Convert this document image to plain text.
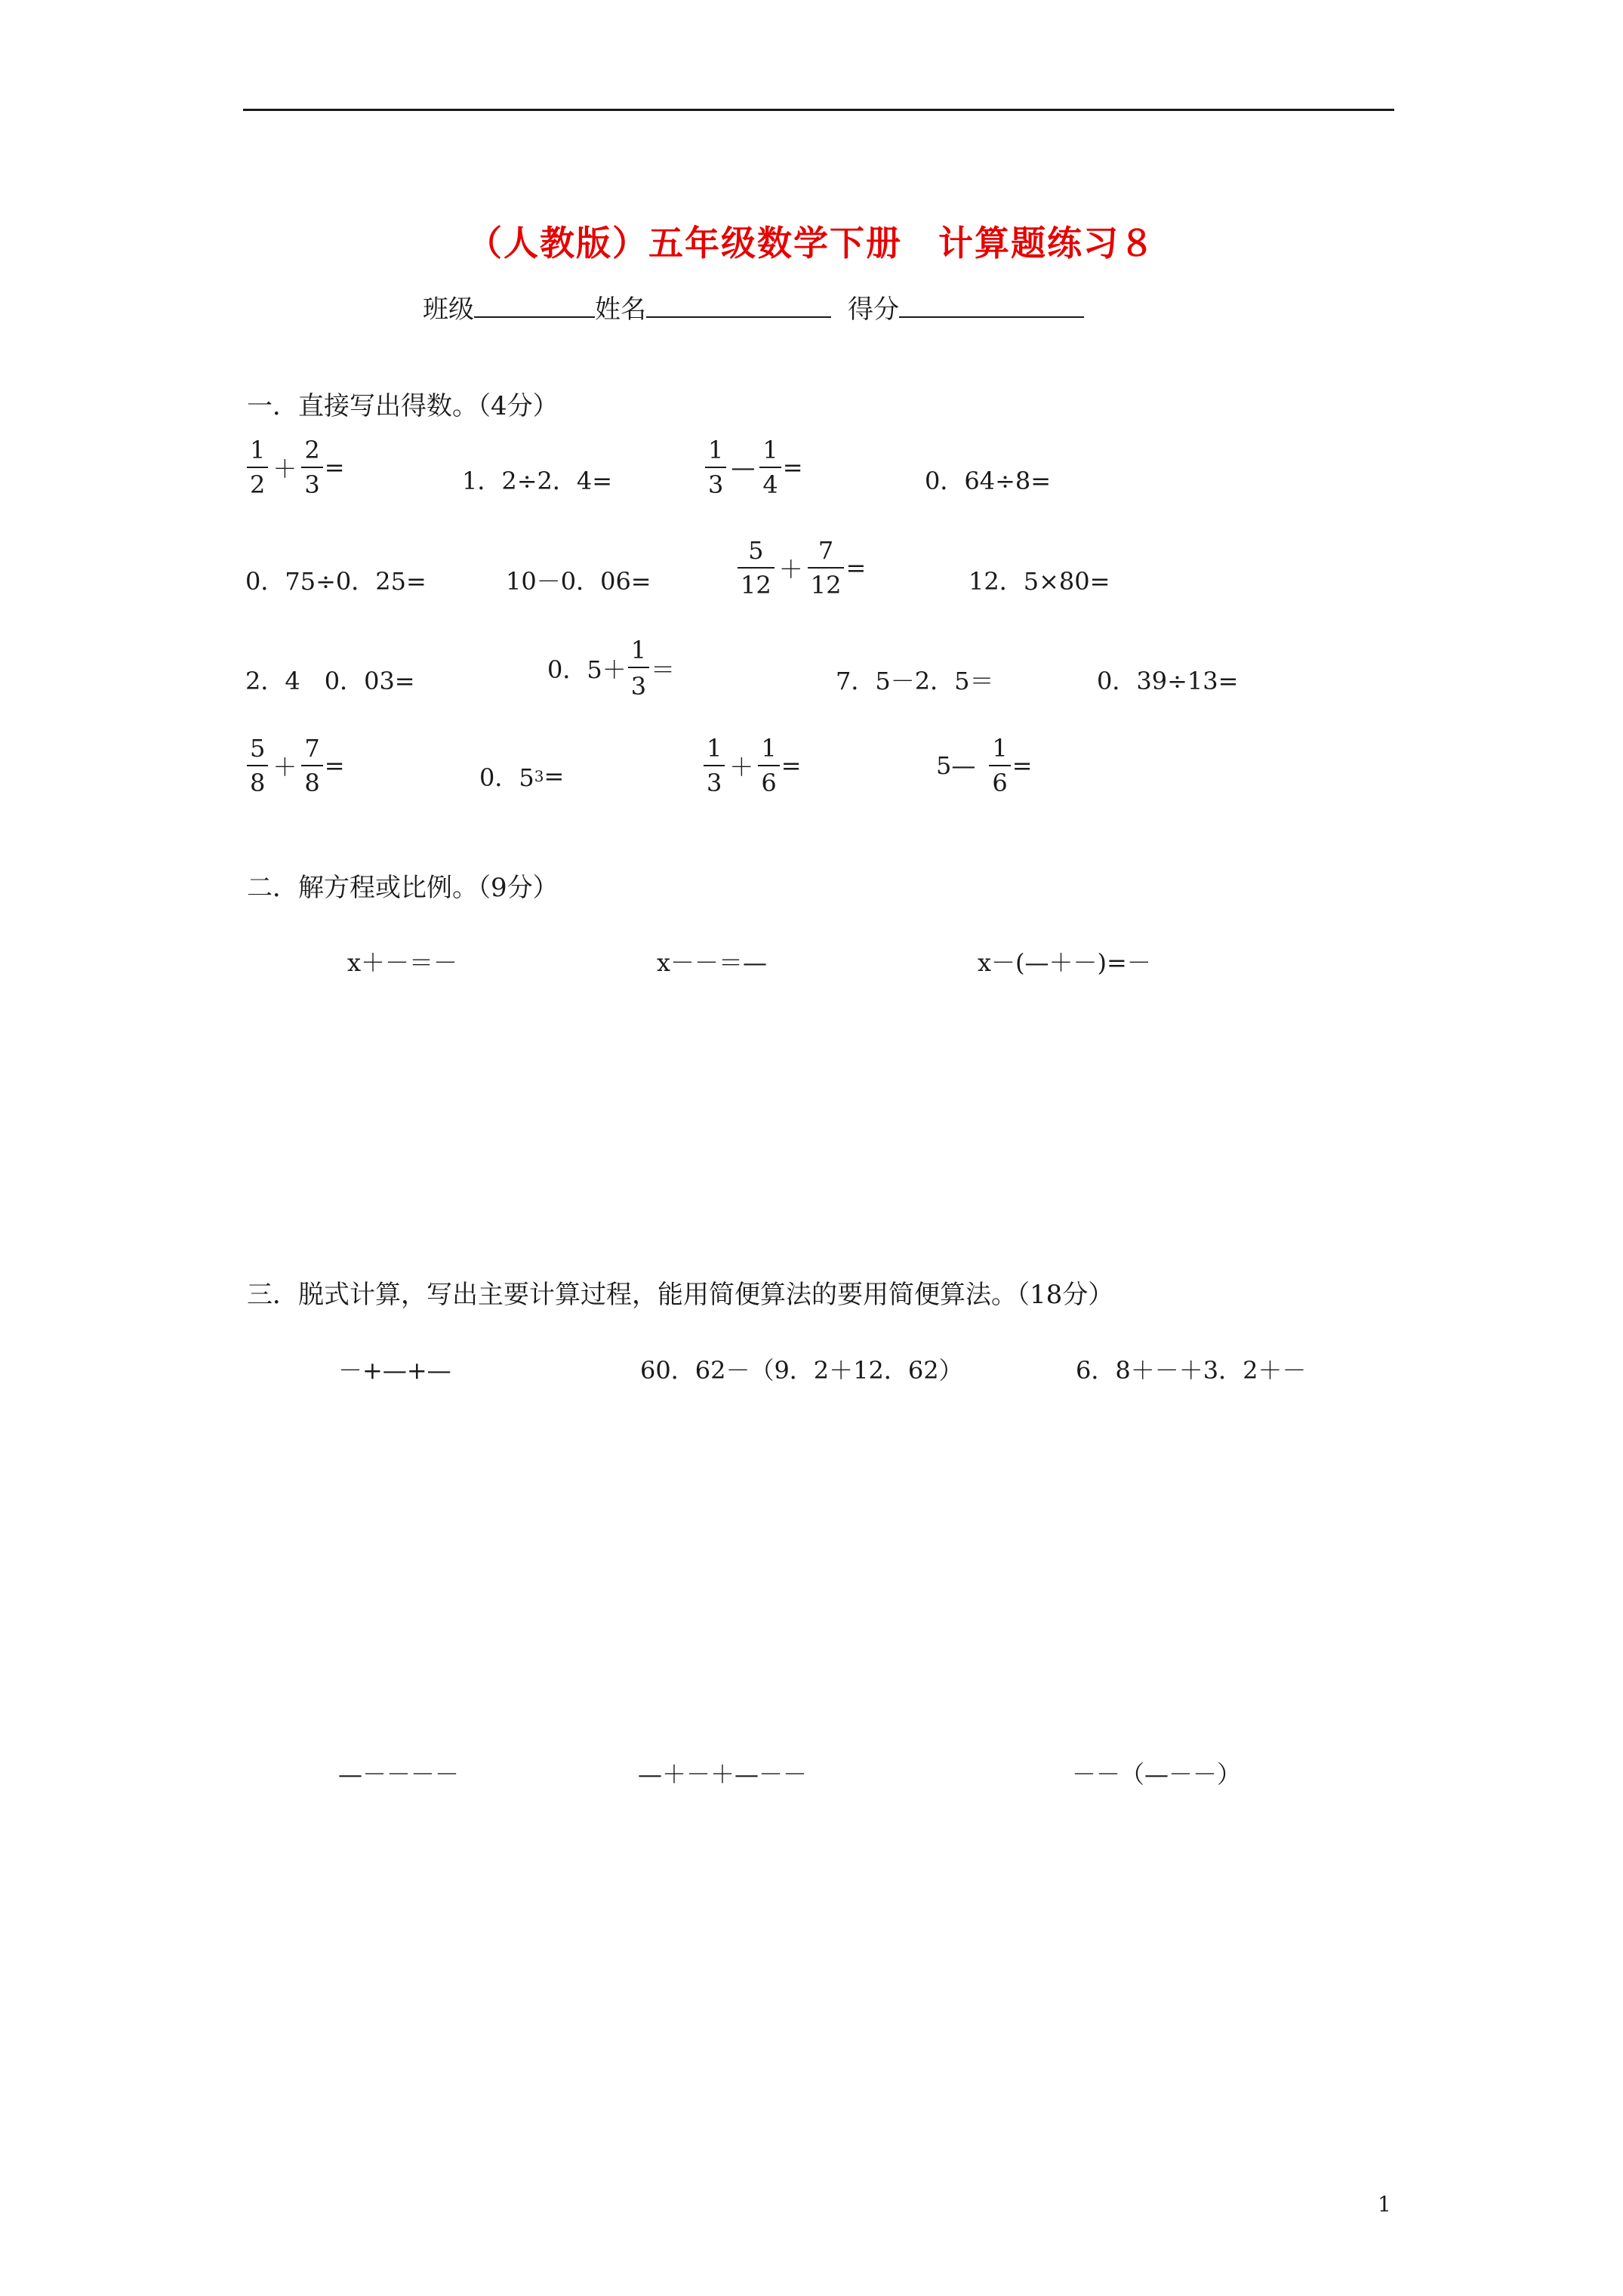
（人教版）五年级数学下册　计算题练习８
班级	姓名	得分
一．直接写出得数。（4分）
$\frac{1}{2} + \frac{2}{3}$ =	1．2÷2．4=	$\frac{1}{3}$ — $\frac{1}{4}$ =	0．64÷8=
0．75÷0．25=	10－0．06=	$\frac{5}{12} + \frac{7}{12}$ =	12．5×80=
2．4　0．03=	0．$5+ \frac{1}{3}$ ＝	7．5－2．5＝	0．39÷13=
$\frac{5}{8} + \frac{7}{8}$ =	0．5 3 =	$\frac{1}{3} + \frac{1}{6}$ =	5— $\frac{1}{6}$ =
二．解方程或比例。（9分）
x＋－＝－	x－－＝—	x－(—＋－)=－
三．脱式计算，写出主要计算过程，能用简便算法的要用简便算法。（18分）
－+—+—	60．62－（9．2＋12．62）	6．8＋－＋3．2＋－
—－－－－	—＋－＋—－－	－－（—－－）
1
